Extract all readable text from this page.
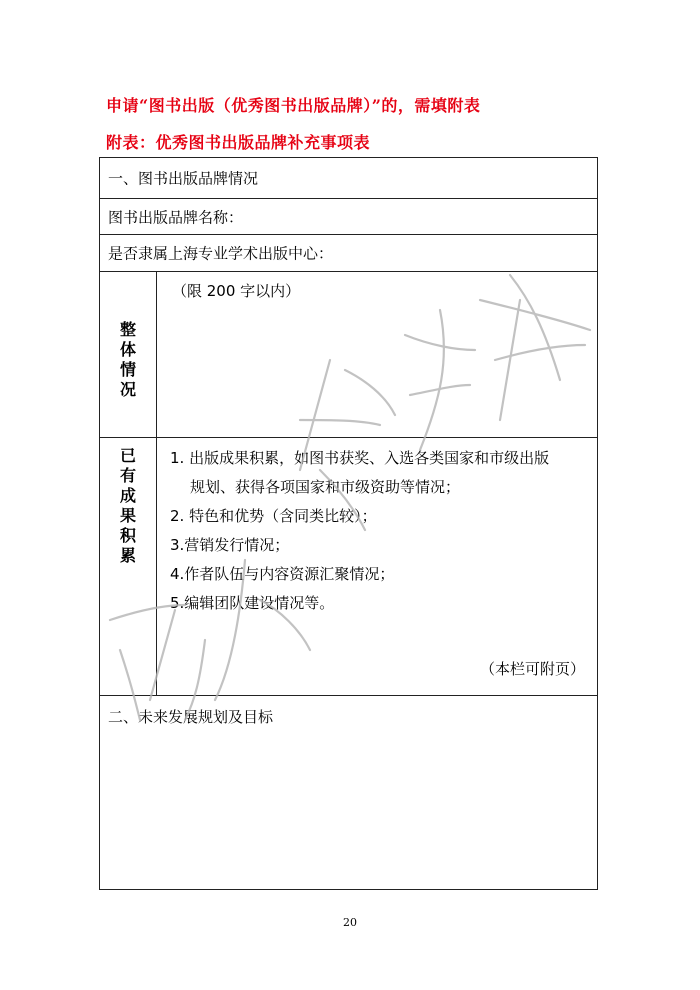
申请“图书出版（优秀图书出版品牌）”的，需填附表
附表：优秀图书出版品牌补充事项表
一、图书出版品牌情况
图书出版品牌名称：
是否隶属上海专业学术出版中心：
整体情况
（限 200 字以内）
已有成果积累
1. 出版成果积累，如图书获奖、入选各类国家和市级出版
规划、获得各项国家和市级资助等情况；
2. 特色和优势（含同类比较）；
3.营销发行情况；
4.作者队伍与内容资源汇聚情况；
5.编辑团队建设情况等。
（本栏可附页）
二、未来发展规划及目标
20
